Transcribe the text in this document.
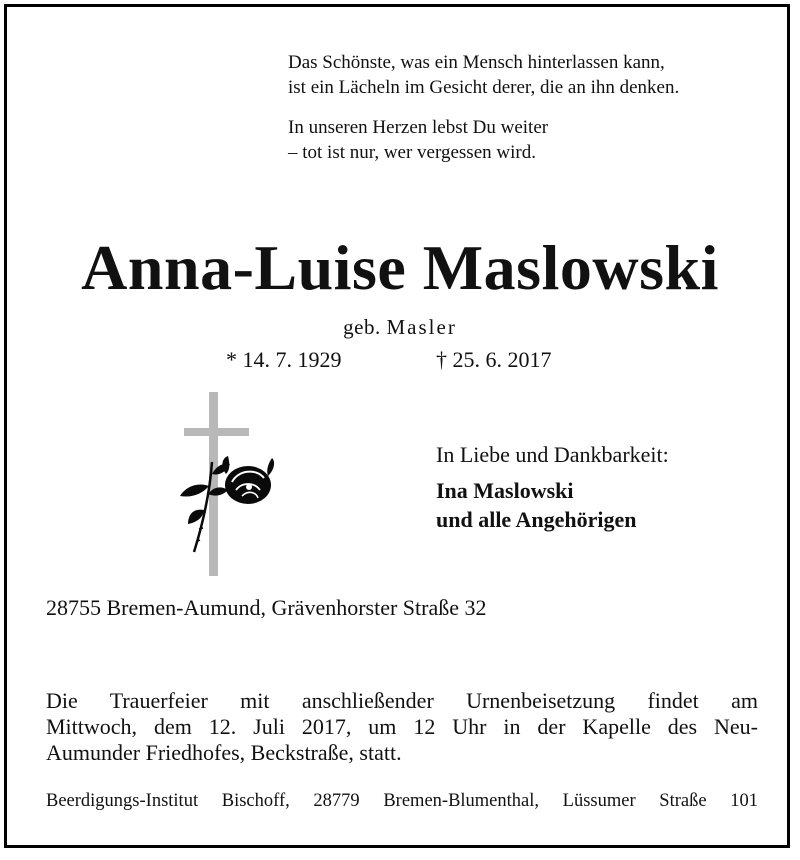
Das Schönste, was ein Mensch hinterlassen kann,
ist ein Lächeln im Gesicht derer, die an ihn denken.
In unseren Herzen lebst Du weiter
– tot ist nur, wer vergessen wird.
Anna-Luise Maslowski
geb. Masler
* 14. 7. 1929	† 25. 6. 2017
In Liebe und Dankbarkeit:
Ina Maslowski
und alle Angehörigen
28755 Bremen-Aumund, Grävenhorster Straße 32
Die Trauerfeier mit anschließender Urnenbeisetzung findet am
Mittwoch, dem 12. Juli 2017, um 12 Uhr in der Kapelle des Neu-
Aumunder Friedhofes, Beckstraße, statt.
Beerdigungs-Institut Bischoff, 28779 Bremen-Blumenthal, Lüssumer Straße 101
